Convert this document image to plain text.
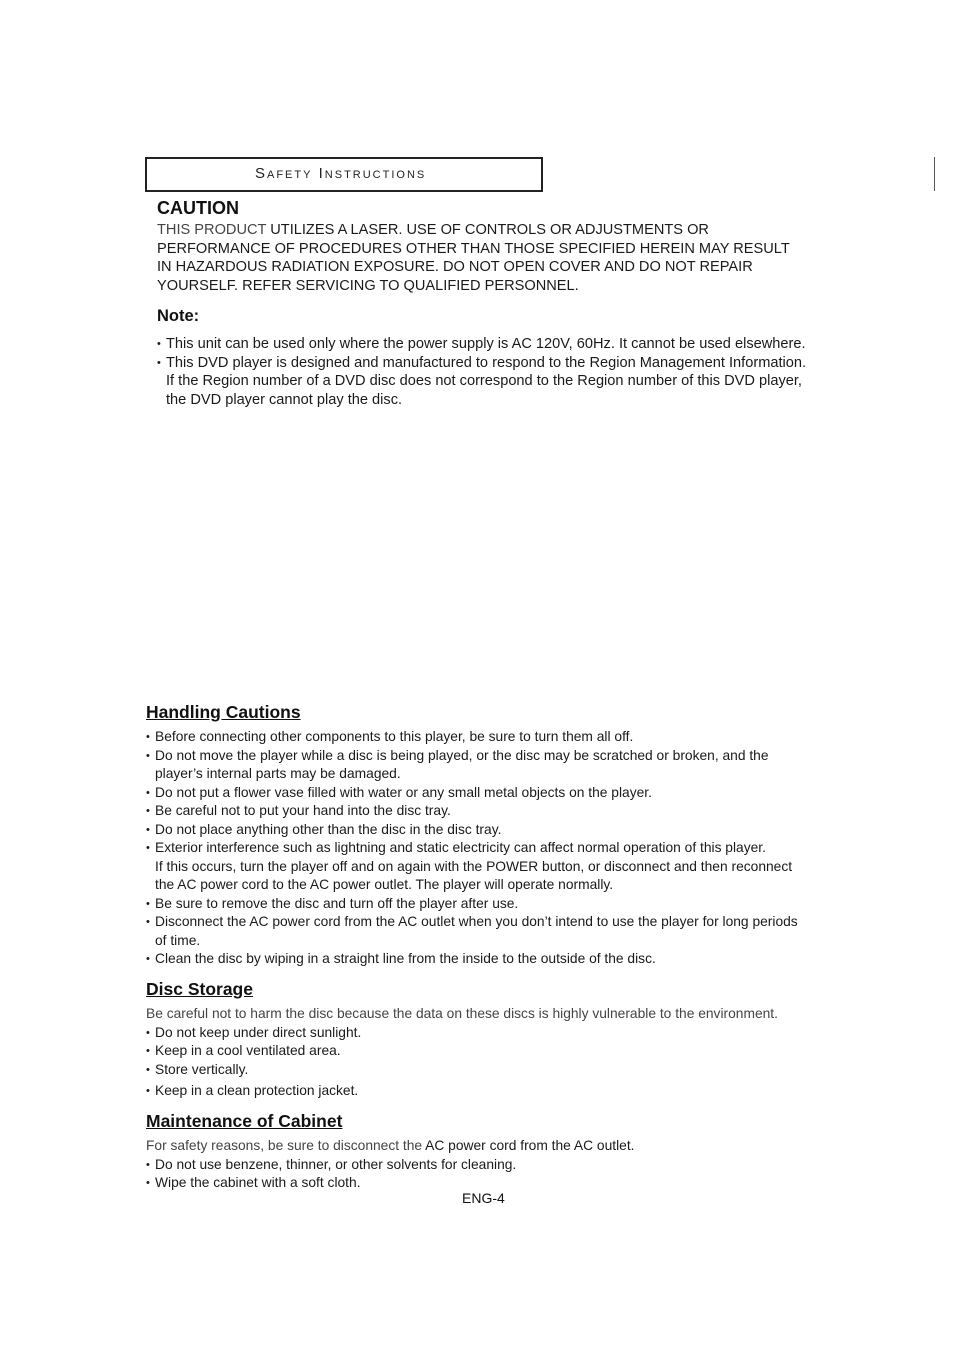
Safety Instructions
CAUTION
THIS PRODUCT UTILIZES A LASER. USE OF CONTROLS OR ADJUSTMENTS OR PERFORMANCE OF PROCEDURES OTHER THAN THOSE SPECIFIED HEREIN MAY RESULT IN HAZARDOUS RADIATION EXPOSURE. DO NOT OPEN COVER AND DO NOT REPAIR YOURSELF. REFER SERVICING TO QUALIFIED PERSONNEL.
Note:
• This unit can be used only where the power supply is AC 120V, 60Hz. It cannot be used elsewhere.
• This DVD player is designed and manufactured to respond to the Region Management Information.
If the Region number of a DVD disc does not correspond to the Region number of this DVD player, the DVD player cannot play the disc.
Handling Cautions
• Before connecting other components to this player, be sure to turn them all off.
• Do not move the player while a disc is being played, or the disc may be scratched or broken, and the player’s internal parts may be damaged.
• Do not put a flower vase filled with water or any small metal objects on the player.
• Be careful not to put your hand into the disc tray.
• Do not place anything other than the disc in the disc tray.
• Exterior interference such as lightning and static electricity can affect normal operation of this player.
If this occurs, turn the player off and on again with the POWER button, or disconnect and then reconnect the AC power cord to the AC power outlet. The player will operate normally.
• Be sure to remove the disc and turn off the player after use.
• Disconnect the AC power cord from the AC outlet when you don’t intend to use the player for long periods of time.
• Clean the disc by wiping in a straight line from the inside to the outside of the disc.
Disc Storage
Be careful not to harm the disc because the data on these discs is highly vulnerable to the environment.
• Do not keep under direct sunlight.
• Keep in a cool ventilated area.
• Store vertically.
• Keep in a clean protection jacket.
Maintenance of Cabinet
For safety reasons, be sure to disconnect the AC power cord from the AC outlet.
• Do not use benzene, thinner, or other solvents for cleaning.
• Wipe the cabinet with a soft cloth.
ENG-4
